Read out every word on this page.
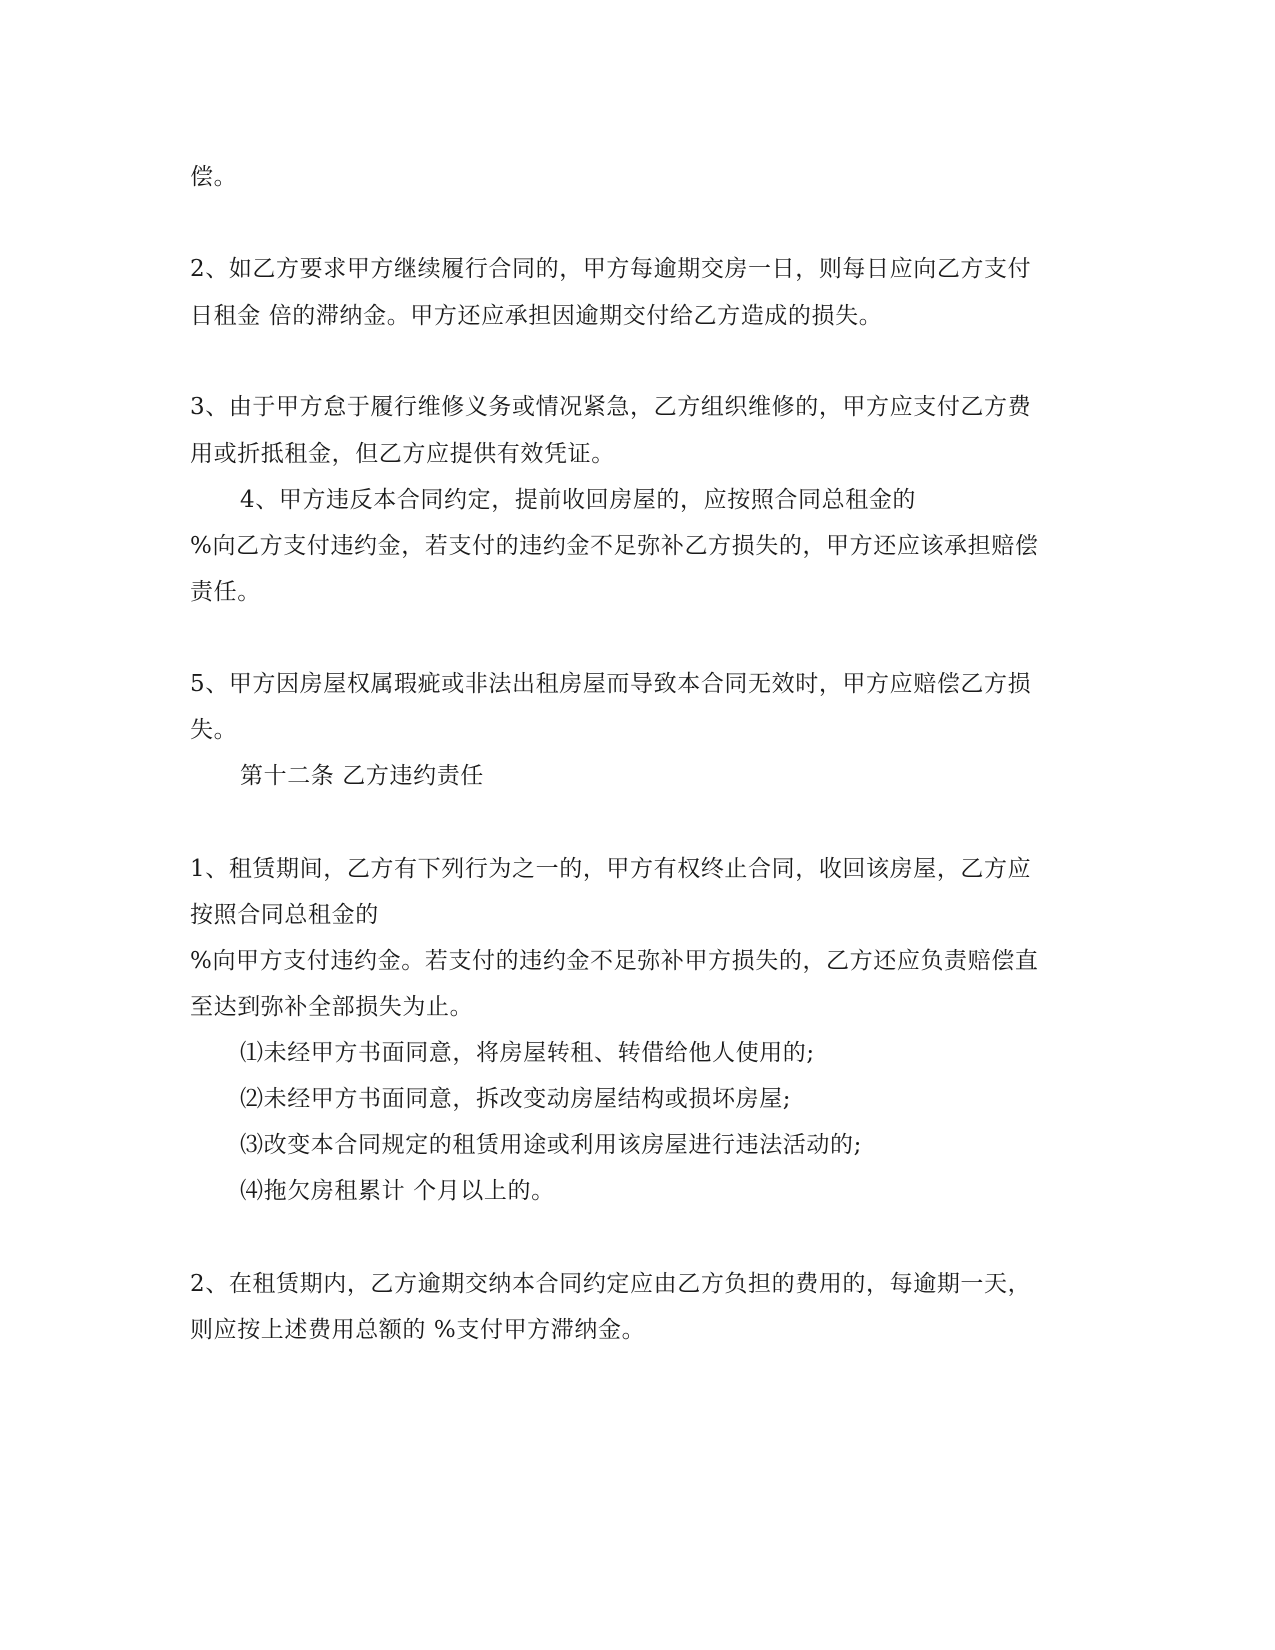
偿。
2、如乙方要求甲方继续履行合同的，甲方每逾期交房一日，则每日应向乙方支付
日租金 倍的滞纳金。甲方还应承担因逾期交付给乙方造成的损失。
3、由于甲方怠于履行维修义务或情况紧急，乙方组织维修的，甲方应支付乙方费
用或折抵租金，但乙方应提供有效凭证。
4、甲方违反本合同约定，提前收回房屋的，应按照合同总租金的
%向乙方支付违约金，若支付的违约金不足弥补乙方损失的，甲方还应该承担赔偿
责任。
5、甲方因房屋权属瑕疵或非法出租房屋而导致本合同无效时，甲方应赔偿乙方损
失。
第十二条 乙方违约责任
1、租赁期间，乙方有下列行为之一的，甲方有权终止合同，收回该房屋，乙方应
按照合同总租金的
%向甲方支付违约金。若支付的违约金不足弥补甲方损失的，乙方还应负责赔偿直
至达到弥补全部损失为止。
⑴未经甲方书面同意，将房屋转租、转借给他人使用的;
⑵未经甲方书面同意，拆改变动房屋结构或损坏房屋;
⑶改变本合同规定的租赁用途或利用该房屋进行违法活动的;
⑷拖欠房租累计 个月以上的。
2、在租赁期内，乙方逾期交纳本合同约定应由乙方负担的费用的，每逾期一天，
则应按上述费用总额的 %支付甲方滞纳金。
